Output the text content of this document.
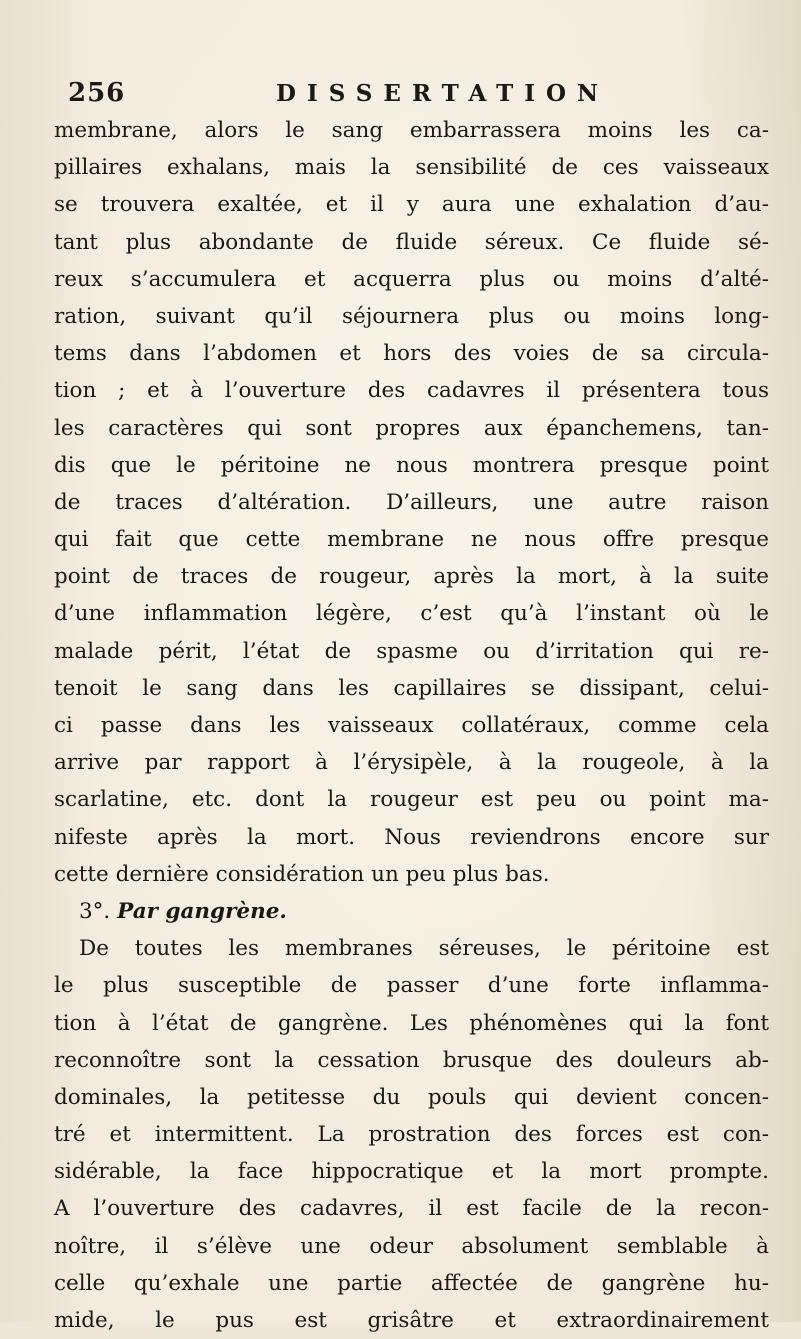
256	DISSERTATION
membrane, alors le sang embarrassera moins les ca-
pillaires exhalans, mais la sensibilité de ces vaisseaux
se trouvera exaltée, et il y aura une exhalation d’au-
tant plus abondante de fluide séreux. Ce fluide sé-
reux s’accumulera et acquerra plus ou moins d’alté-
ration, suivant qu’il séjournera plus ou moins long-
tems dans l’abdomen et hors des voies de sa circula-
tion ; et à l’ouverture des cadavres il présentera tous
les caractères qui sont propres aux épanchemens, tan-
dis que le péritoine ne nous montrera presque point
de traces d’altération. D’ailleurs, une autre raison
qui fait que cette membrane ne nous offre presque
point de traces de rougeur, après la mort, à la suite
d’une inflammation légère, c’est qu’à l’instant où le
malade périt, l’état de spasme ou d’irritation qui re-
tenoit le sang dans les capillaires se dissipant, celui-
ci passe dans les vaisseaux collatéraux, comme cela
arrive par rapport à l’érysipèle, à la rougeole, à la
scarlatine, etc. dont la rougeur est peu ou point ma-
nifeste après la mort. Nous reviendrons encore sur
cette dernière considération un peu plus bas.
3°. Par gangrène.
De toutes les membranes séreuses, le péritoine est
le plus susceptible de passer d’une forte inflamma-
tion à l’état de gangrène. Les phénomènes qui la font
reconnoître sont la cessation brusque des douleurs ab-
dominales, la petitesse du pouls qui devient concen-
tré et intermittent. La prostration des forces est con-
sidérable, la face hippocratique et la mort prompte.
A l’ouverture des cadavres, il est facile de la recon-
noître, il s’élève une odeur absolument semblable à
celle qu’exhale une partie affectée de gangrène hu-
mide, le pus est grisâtre et extraordinairement
